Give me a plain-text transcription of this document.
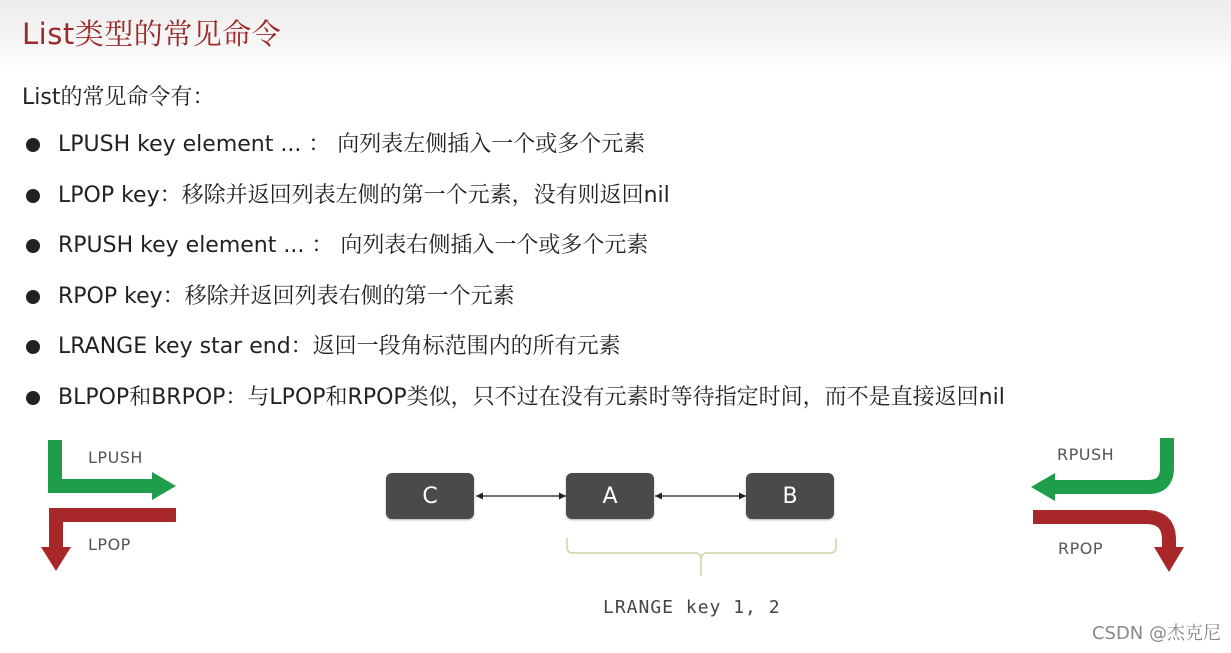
List类型的常见命令
List的常见命令有：
LPUSH key element ... ： 向列表左侧插入一个或多个元素
LPOP key：移除并返回列表左侧的第一个元素，没有则返回nil
RPUSH key element ... ： 向列表右侧插入一个或多个元素
RPOP key：移除并返回列表右侧的第一个元素
LRANGE key star end：返回一段角标范围内的所有元素
BLPOP和BRPOP：与LPOP和RPOP类似，只不过在没有元素时等待指定时间，而不是直接返回nil
LPUSH
LPOP
RPUSH
RPOP
C	A	B
LRANGE key 1, 2
CSDN @杰克尼
